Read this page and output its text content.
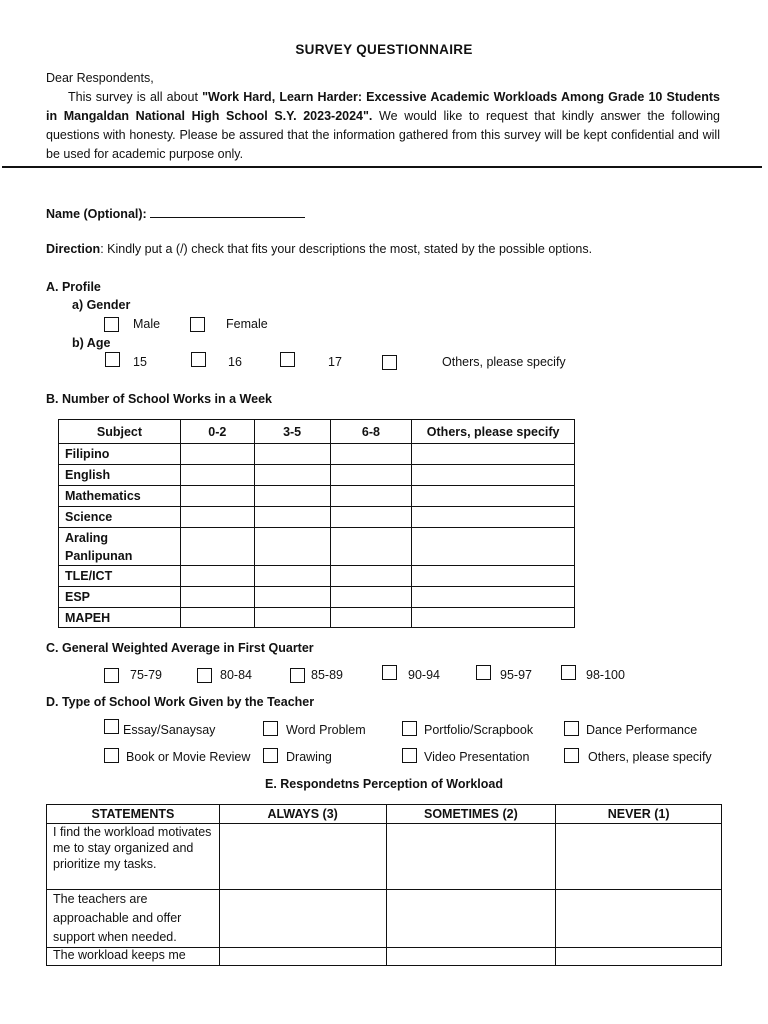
SURVEY QUESTIONNAIRE
Dear Respondents,
This survey is all about "Work Hard, Learn Harder: Excessive Academic Workloads Among Grade 10 Students in Mangaldan National High School S.Y. 2023-2024". We would like to request that kindly answer the following questions with honesty. Please be assured that the information gathered from this survey will be kept confidential and will be used for academic purpose only.
Name (Optional):
Direction: Kindly put a (/) check that fits your descriptions the most, stated by the possible options.
A. Profile
a) Gender
Male	Female
b) Age
15	16	17	Others, please specify
B. Number of School Works in a Week
Subject	0-2	3-5	6-8	Others, please specify
Filipino				
English				
Mathematics				
Science				
Araling Panlipunan				
TLE/ICT				
ESP				
MAPEH				
C. General Weighted Average in First Quarter
75-79	80-84	85-89	90-94	95-97	98-100
D. Type of School Work Given by the Teacher
Essay/Sanaysay	Word Problem	Portfolio/Scrapbook	Dance Performance
Book or Movie Review	Drawing	Video Presentation	Others, please specify
E. Respondetns Perception of Workload
STATEMENTS	ALWAYS (3)	SOMETIMES (2)	NEVER (1)
I find the workload motivates me to stay organized and prioritize my tasks.			
The teachers are approachable and offer support when needed.			
The workload keeps me			
